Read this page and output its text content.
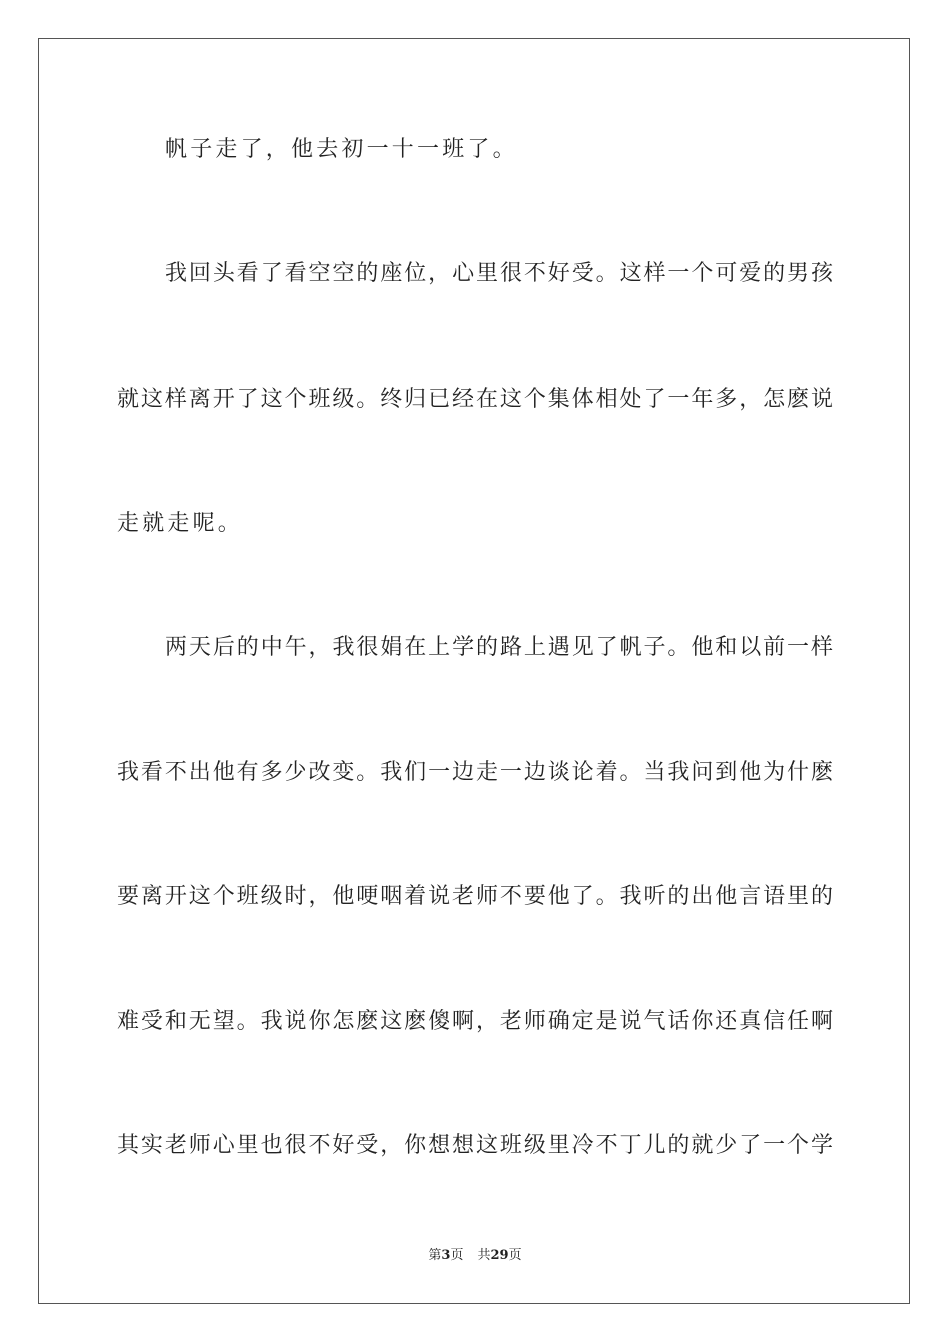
帆子走了，他去初一十一班了。
我回头看了看空空的座位，心里很不好受。这样一个可爱的男孩
就这样离开了这个班级。终归已经在这个集体相处了一年多，怎麽说
走就走呢。
两天后的中午，我很娟在上学的路上遇见了帆子。他和以前一样
我看不出他有多少改变。我们一边走一边谈论着。当我问到他为什麽
要离开这个班级时，他哽咽着说老师不要他了。我听的出他言语里的
难受和无望。我说你怎麽这麽傻啊，老师确定是说气话你还真信任啊
其实老师心里也很不好受，你想想这班级里冷不丁儿的就少了一个学
第3页 共29页
